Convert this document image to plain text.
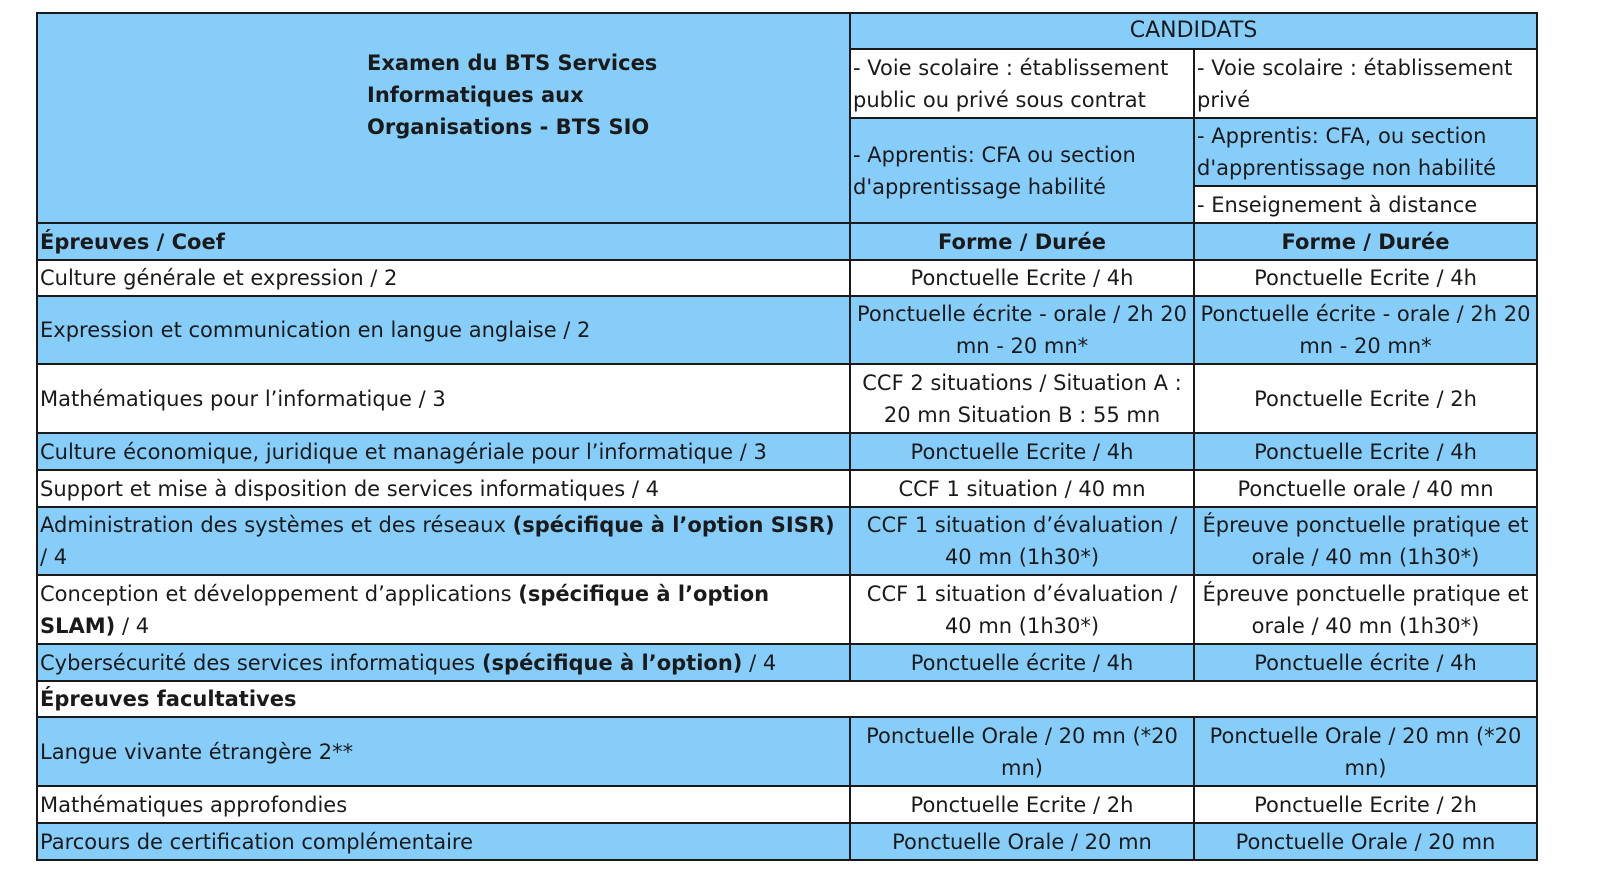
Examen du BTS Services Informatiques aux Organisations - BTS SIO	CANDIDATS	
	- Voie scolaire : établissement public ou privé sous contrat	- Voie scolaire : établissement privé
	- Apprentis: CFA ou section d'apprentissage habilité	- Apprentis: CFA, ou section d'apprentissage non habilité
		- Enseignement à distance
Épreuves / Coef	Forme / Durée	Forme / Durée
Culture générale et expression / 2	Ponctuelle Ecrite / 4h	Ponctuelle Ecrite / 4h
Expression et communication en langue anglaise / 2	Ponctuelle écrite - orale / 2h 20 mn - 20 mn*	Ponctuelle écrite - orale / 2h 20 mn - 20 mn*
Mathématiques pour l’informatique / 3	CCF 2 situations / Situation A : 20 mn Situation B : 55 mn	Ponctuelle Ecrite / 2h
Culture économique, juridique et managériale pour l’informatique / 3	Ponctuelle Ecrite / 4h	Ponctuelle Ecrite / 4h
Support et mise à disposition de services informatiques / 4	CCF 1 situation / 40 mn	Ponctuelle orale / 40 mn
Administration des systèmes et des réseaux (spécifique à l’option SISR) / 4	CCF 1 situation d’évaluation / 40 mn (1h30*)	Épreuve ponctuelle pratique et orale / 40 mn (1h30*)
Conception et développement d’applications (spécifique à l’option SLAM) / 4	CCF 1 situation d’évaluation / 40 mn (1h30*)	Épreuve ponctuelle pratique et orale / 40 mn (1h30*)
Cybersécurité des services informatiques (spécifique à l’option) / 4	Ponctuelle écrite / 4h	Ponctuelle écrite / 4h
Épreuves facultatives		
Langue vivante étrangère 2**	Ponctuelle Orale / 20 mn (*20 mn)	Ponctuelle Orale / 20 mn (*20 mn)
Mathématiques approfondies	Ponctuelle Ecrite / 2h	Ponctuelle Ecrite / 2h
Parcours de certification complémentaire	Ponctuelle Orale / 20 mn	Ponctuelle Orale / 20 mn
